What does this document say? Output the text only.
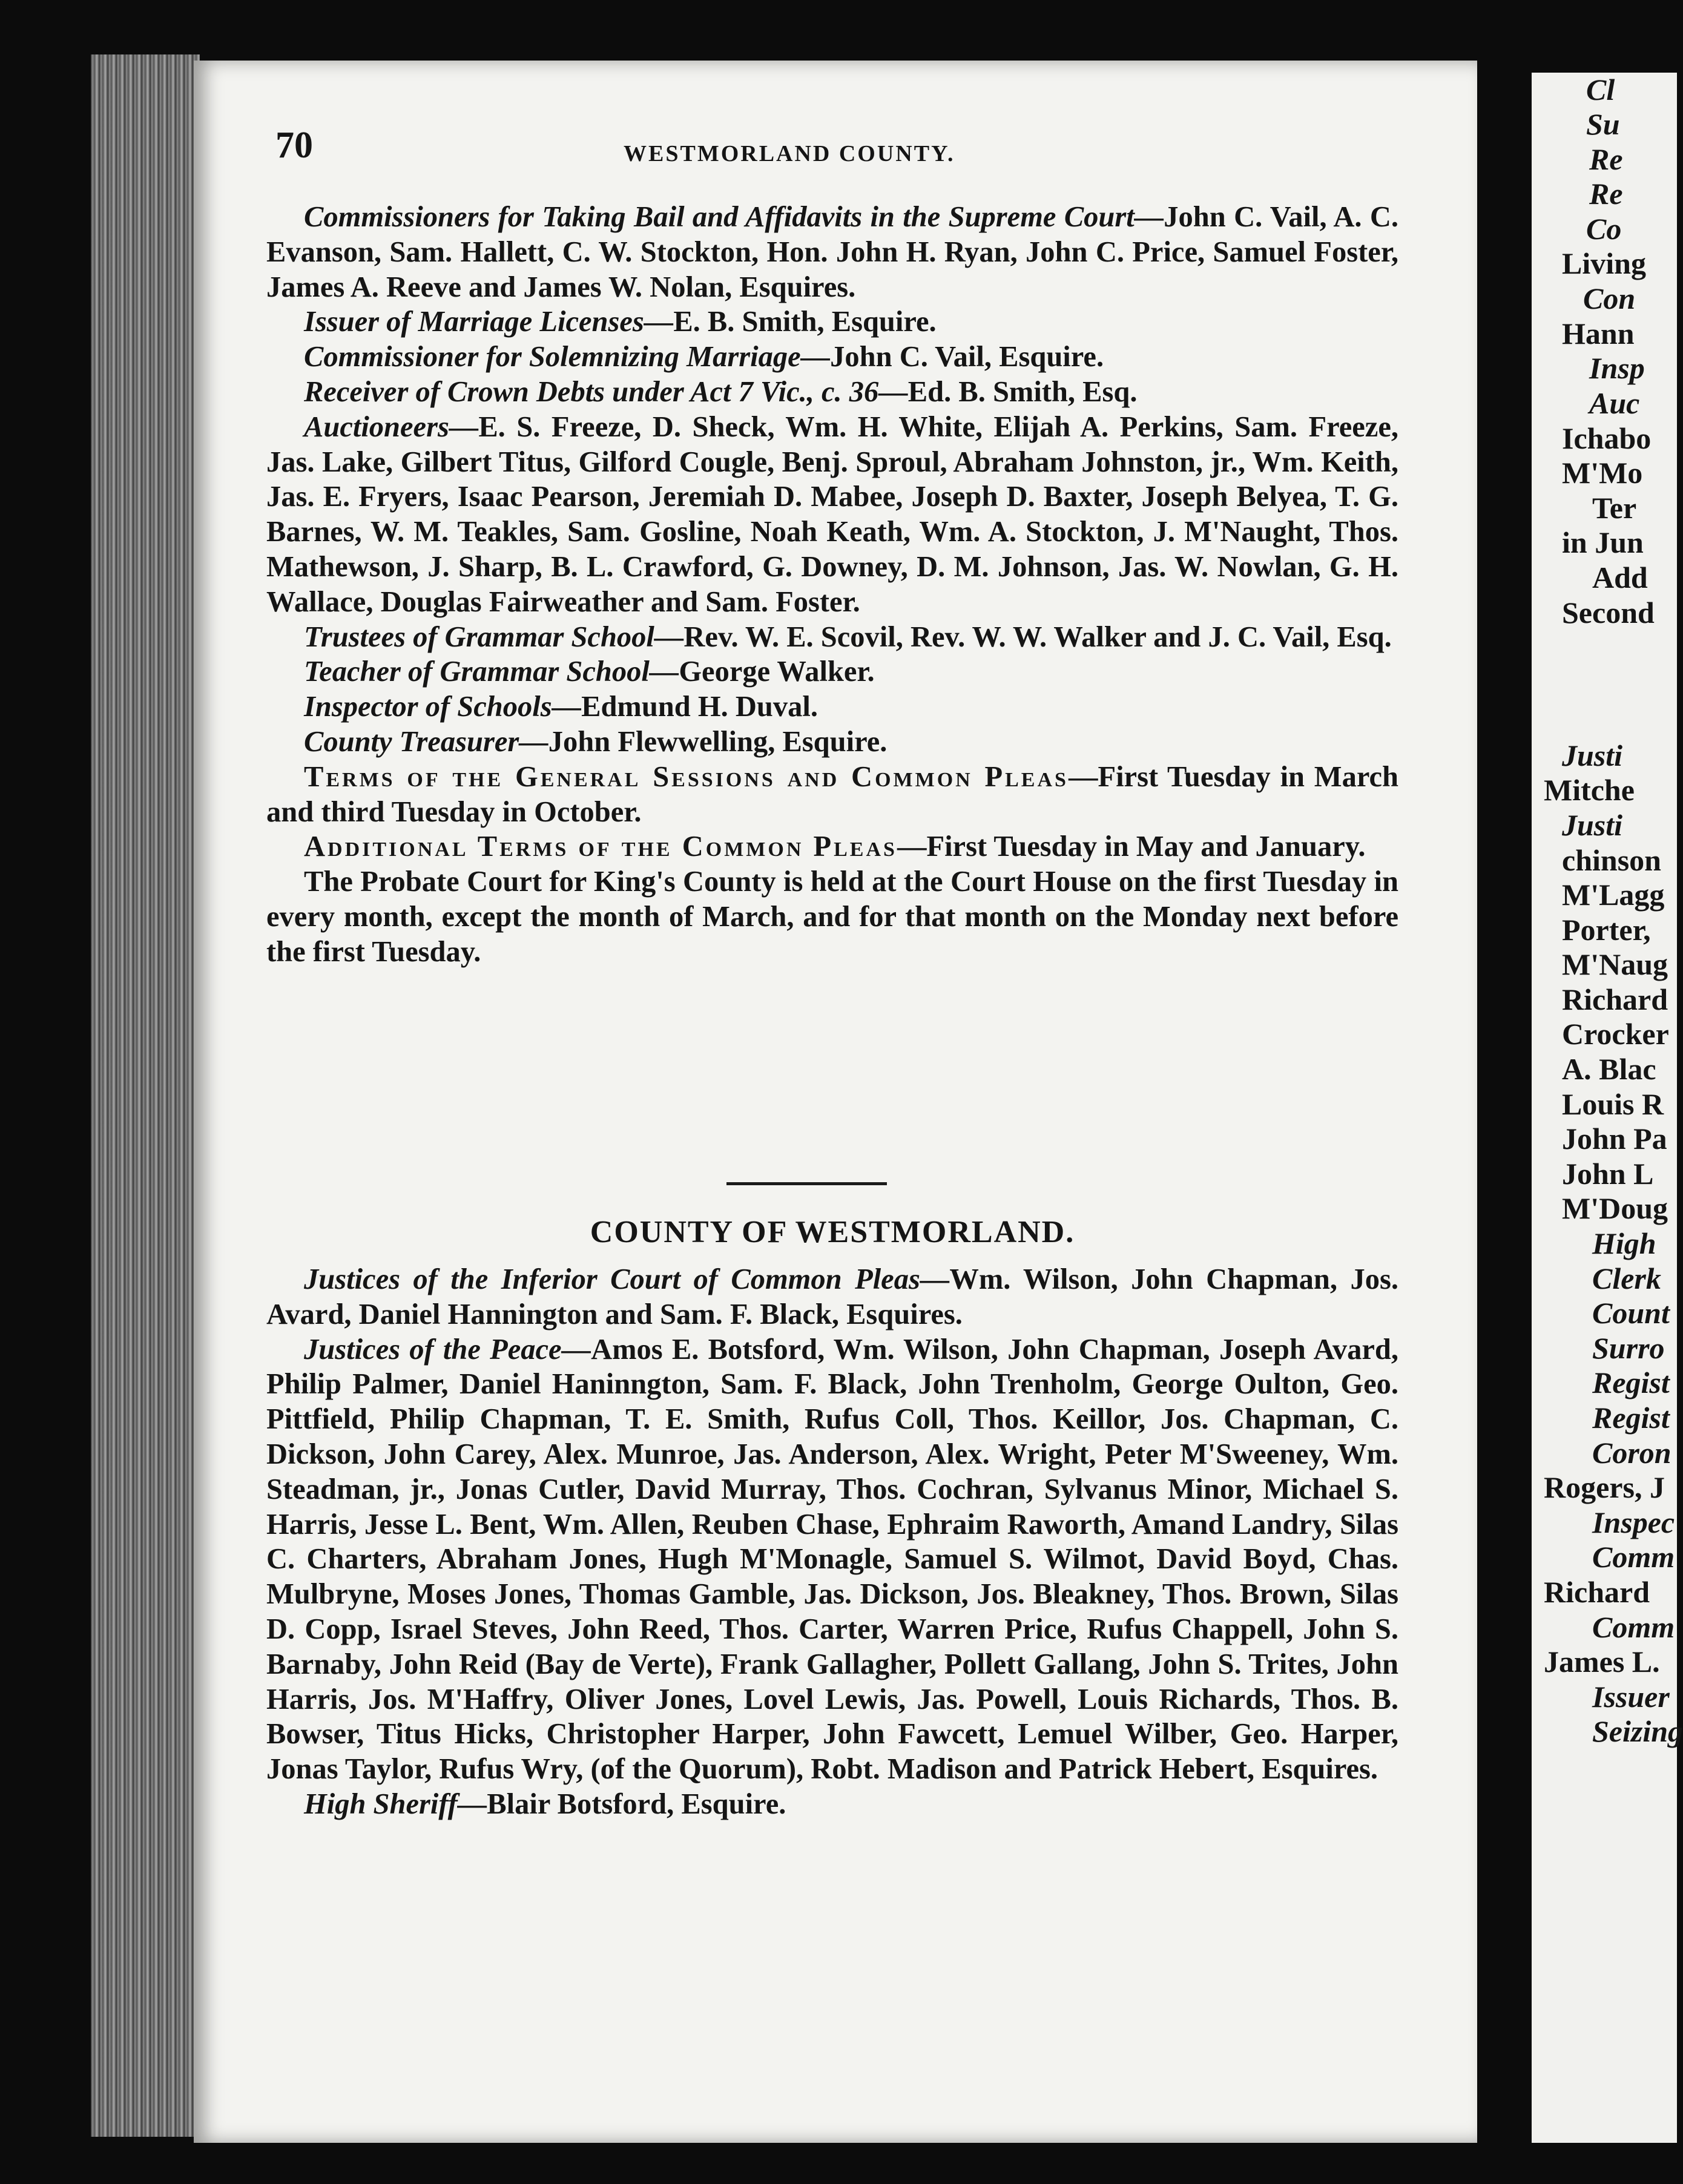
Cl
Su
Re
Re
Co
Living
Con
Hann
Insp
Auc
Ichabo
M'Mo
Ter
in Jun
Add
Second
Justi
Mitche
Justi
chinson
M'Lagg
Porter,
M'Naug
Richard
Crocker
A. Blac
Louis R
John Pa
John L
M'Doug
High
Clerk
Count
Surro
Regist
Regist
Coron
Rogers, J
Inspec
Comm
Richard
Comm
James L.
Issuer
Seizing
70	WESTMORLAND COUNTY.

Commissioners for Taking Bail and Affidavits in the Supreme Court—John C. Vail, A. C. Evanson, Sam. Hallett, C. W. Stockton, Hon. John H. Ryan, John C. Price, Samuel Foster, James A. Reeve and James W. Nolan, Esquires.

Issuer of Marriage Licenses—E. B. Smith, Esquire.

Commissioner for Solemnizing Marriage—John C. Vail, Esquire.

Receiver of Crown Debts under Act 7 Vic., c. 36—Ed. B. Smith, Esq.

Auctioneers—E. S. Freeze, D. Sheck, Wm. H. White, Elijah A. Perkins, Sam. Freeze, Jas. Lake, Gilbert Titus, Gilford Cougle, Benj. Sproul, Abraham Johnston, jr., Wm. Keith, Jas. E. Fryers, Isaac Pearson, Jeremiah D. Mabee, Joseph D. Baxter, Joseph Belyea, T. G. Barnes, W. M. Teakles, Sam. Gosline, Noah Keath, Wm. A. Stockton, J. M'Naught, Thos. Mathewson, J. Sharp, B. L. Crawford, G. Downey, D. M. Johnson, Jas. W. Nowlan, G. H. Wallace, Douglas Fairweather and Sam. Foster.

Trustees of Grammar School—Rev. W. E. Scovil, Rev. W. W. Walker and J. C. Vail, Esq.

Teacher of Grammar School—George Walker.

Inspector of Schools—Edmund H. Duval.

County Treasurer—John Flewwelling, Esquire.

Terms of the General Sessions and Common Pleas—First Tuesday in March and third Tuesday in October.

Additional Terms of the Common Pleas—First Tuesday in May and January.

The Probate Court for King's County is held at the Court House on the first Tuesday in every month, except the month of March, and for that month on the Monday next before the first Tuesday.

COUNTY OF WESTMORLAND.

Justices of the Inferior Court of Common Pleas—Wm. Wilson, John Chapman, Jos. Avard, Daniel Hannington and Sam. F. Black, Esquires.

Justices of the Peace—Amos E. Botsford, Wm. Wilson, John Chapman, Joseph Avard, Philip Palmer, Daniel Haninngton, Sam. F. Black, John Trenholm, George Oulton, Geo. Pittfield, Philip Chapman, T. E. Smith, Rufus Coll, Thos. Keillor, Jos. Chapman, C. Dickson, John Carey, Alex. Munroe, Jas. Anderson, Alex. Wright, Peter M'Sweeney, Wm. Steadman, jr., Jonas Cutler, David Murray, Thos. Cochran, Sylvanus Minor, Michael S. Harris, Jesse L. Bent, Wm. Allen, Reuben Chase, Ephraim Raworth, Amand Landry, Silas C. Charters, Abraham Jones, Hugh M'Monagle, Samuel S. Wilmot, David Boyd, Chas. Mulbryne, Moses Jones, Thomas Gamble, Jas. Dickson, Jos. Bleakney, Thos. Brown, Silas D. Copp, Israel Steves, John Reed, Thos. Carter, Warren Price, Rufus Chappell, John S. Barnaby, John Reid (Bay de Verte), Frank Gallagher, Pollett Gallang, John S. Trites, John Harris, Jos. M'Haffry, Oliver Jones, Lovel Lewis, Jas. Powell, Louis Richards, Thos. B. Bowser, Titus Hicks, Christopher Harper, John Fawcett, Lemuel Wilber, Geo. Harper, Jonas Taylor, Rufus Wry, (of the Quorum), Robt. Madison and Patrick Hebert, Esquires.

High Sheriff—Blair Botsford, Esquire.
